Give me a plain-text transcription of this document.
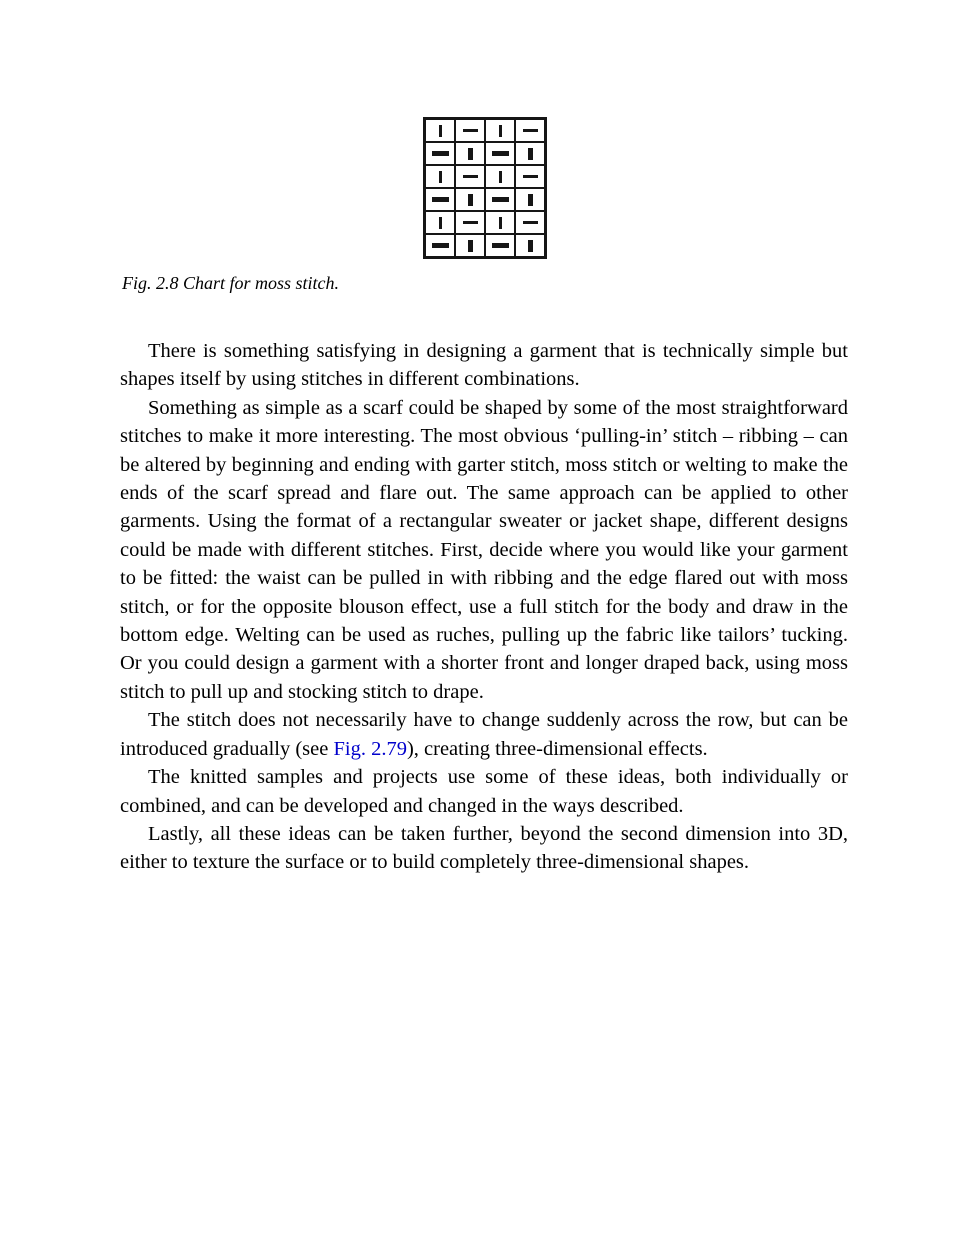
Fig. 2.8 Chart for moss stitch.

There is something satisfying in designing a garment that is technically simple but shapes itself by using stitches in different combinations.

Something as simple as a scarf could be shaped by some of the most straightforward stitches to make it more interesting. The most obvious ‘pulling-in’ stitch – ribbing – can be altered by beginning and ending with garter stitch, moss stitch or welting to make the ends of the scarf spread and flare out. The same approach can be applied to other garments. Using the format of a rectangular sweater or jacket shape, different designs could be made with different stitches. First, decide where you would like your garment to be fitted: the waist can be pulled in with ribbing and the edge flared out with moss stitch, or for the opposite blouson effect, use a full stitch for the body and draw in the bottom edge. Welting can be used as ruches, pulling up the fabric like tailors’ tucking. Or you could design a garment with a shorter front and longer draped back, using moss stitch to pull up and stocking stitch to drape.

The stitch does not necessarily have to change suddenly across the row, but can be introduced gradually (see Fig. 2.79), creating three-dimensional effects.

The knitted samples and projects use some of these ideas, both individually or combined, and can be developed and changed in the ways described.

Lastly, all these ideas can be taken further, beyond the second dimension into 3D, either to texture the surface or to build completely three-dimensional shapes.
